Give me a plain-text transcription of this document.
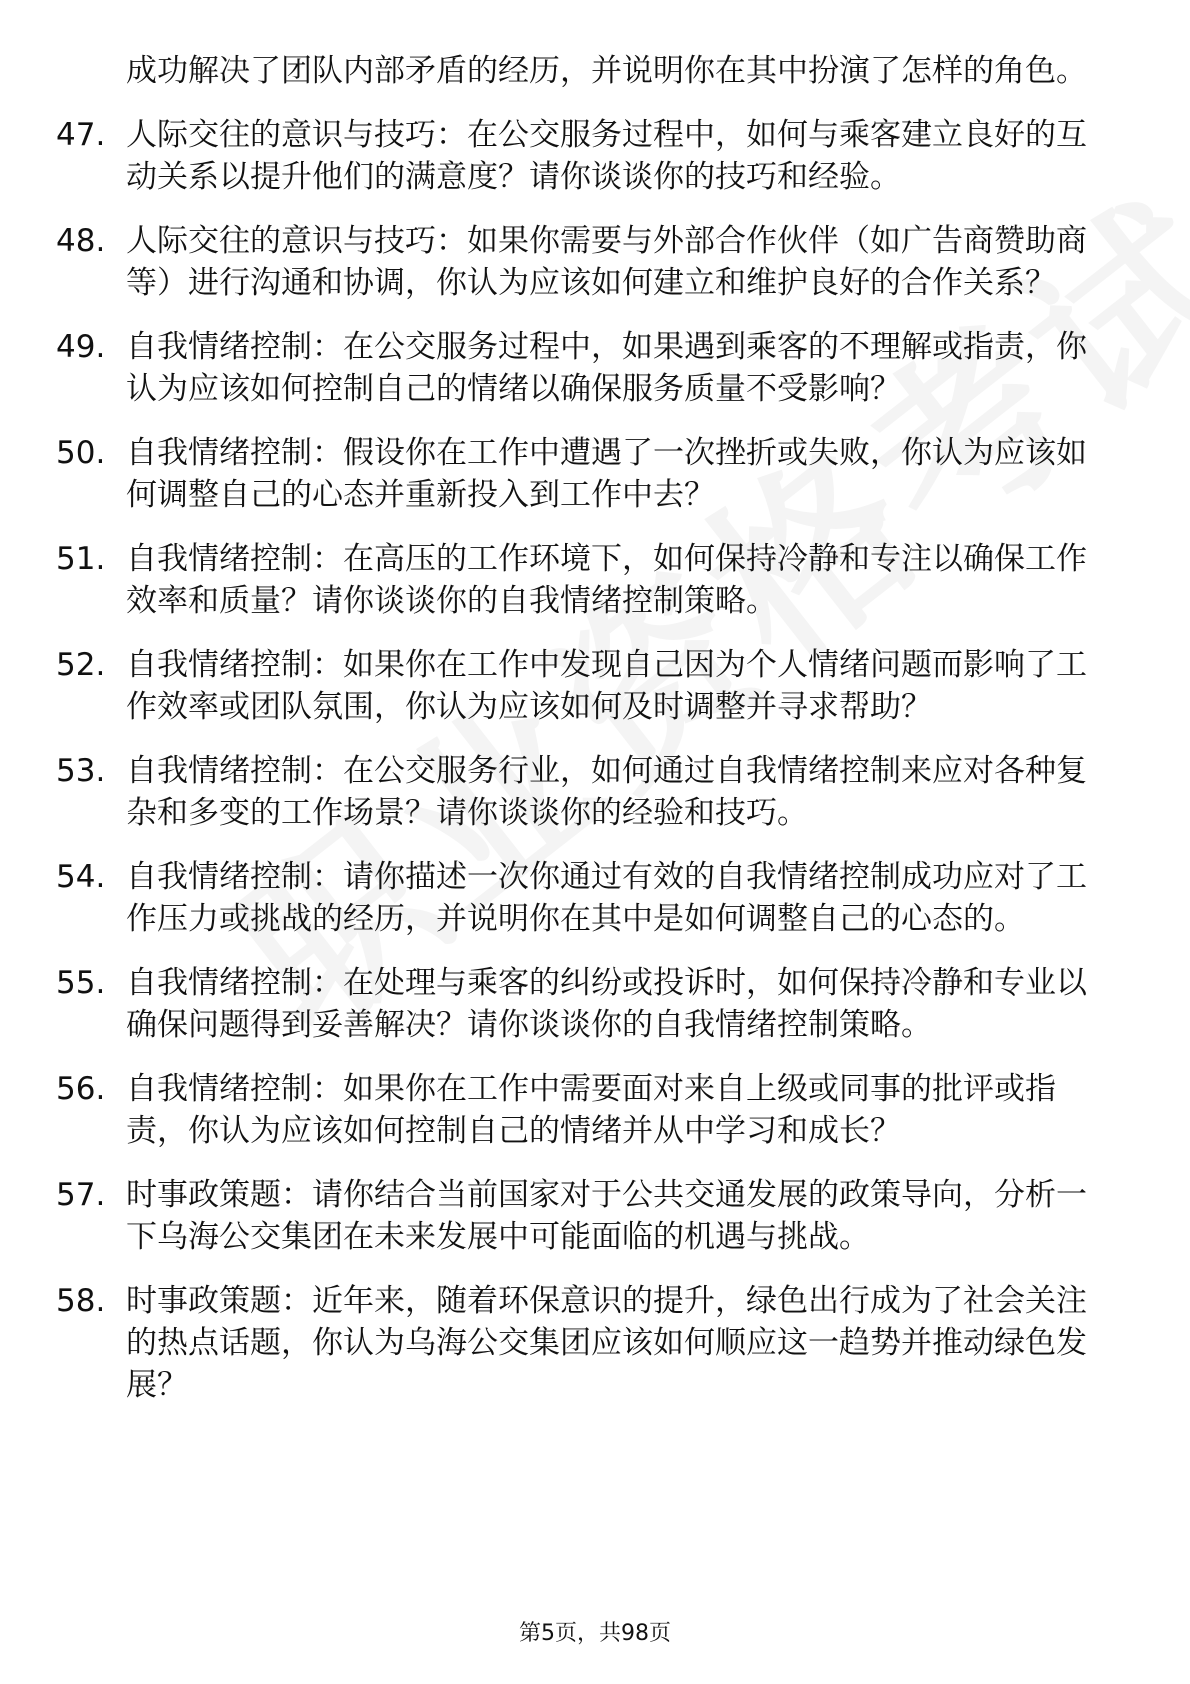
成功解决了团队内部矛盾的经历，并说明你在其中扮演了怎样的角色。
47. 人际交往的意识与技巧：在公交服务过程中，如何与乘客建立良好的互动关系以提升他们的满意度？请你谈谈你的技巧和经验。
48. 人际交往的意识与技巧：如果你需要与外部合作伙伴（如广告商赞助商等）进行沟通和协调，你认为应该如何建立和维护良好的合作关系？
49. 自我情绪控制：在公交服务过程中，如果遇到乘客的不理解或指责，你认为应该如何控制自己的情绪以确保服务质量不受影响？
50. 自我情绪控制：假设你在工作中遭遇了一次挫折或失败，你认为应该如何调整自己的心态并重新投入到工作中去？
51. 自我情绪控制：在高压的工作环境下，如何保持冷静和专注以确保工作效率和质量？请你谈谈你的自我情绪控制策略。
52. 自我情绪控制：如果你在工作中发现自己因为个人情绪问题而影响了工作效率或团队氛围，你认为应该如何及时调整并寻求帮助？
53. 自我情绪控制：在公交服务行业，如何通过自我情绪控制来应对各种复杂和多变的工作场景？请你谈谈你的经验和技巧。
54. 自我情绪控制：请你描述一次你通过有效的自我情绪控制成功应对了工作压力或挑战的经历，并说明你在其中是如何调整自己的心态的。
55. 自我情绪控制：在处理与乘客的纠纷或投诉时，如何保持冷静和专业以确保问题得到妥善解决？请你谈谈你的自我情绪控制策略。
56. 自我情绪控制：如果你在工作中需要面对来自上级或同事的批评或指责，你认为应该如何控制自己的情绪并从中学习和成长？
57. 时事政策题：请你结合当前国家对于公共交通发展的政策导向，分析一下乌海公交集团在未来发展中可能面临的机遇与挑战。
58. 时事政策题：近年来，随着环保意识的提升，绿色出行成为了社会关注的热点话题，你认为乌海公交集团应该如何顺应这一趋势并推动绿色发展？
第5页，共98页
